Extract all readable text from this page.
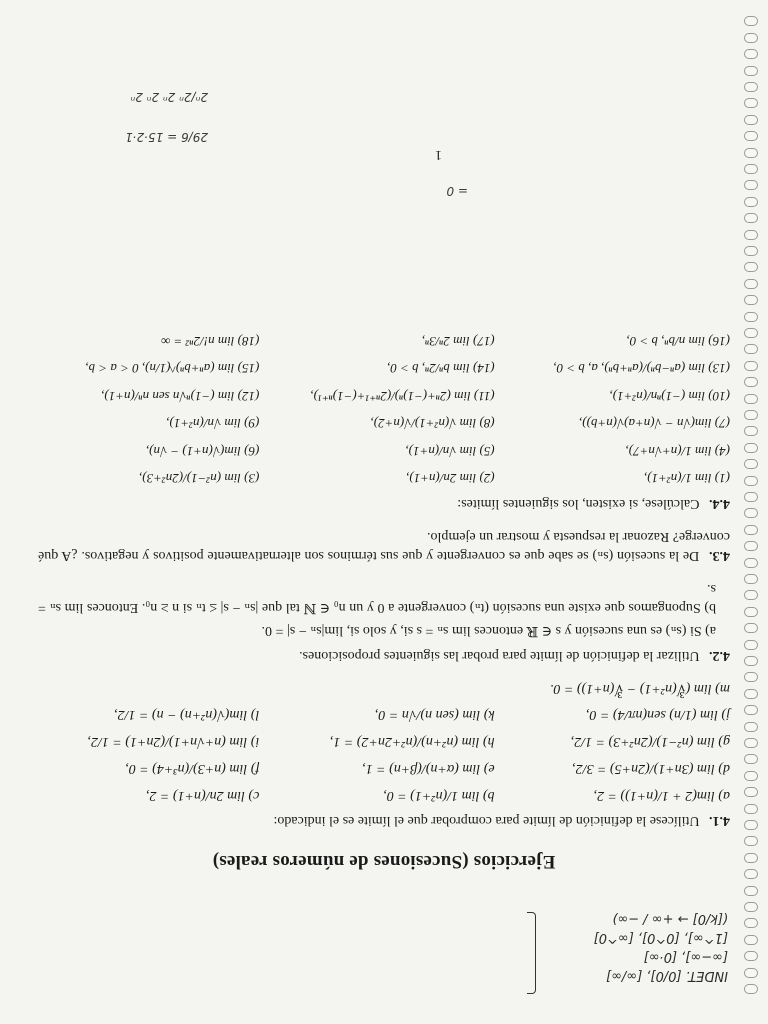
INDET. [0/0], [∞/∞]
[∞−∞], [0·∞]
[1^∞], [0^0], [∞^0]
([k/0] → +∞ / −∞)
Ejercicios (Sucesiones de números reales)

4.1. Utilícese la definición de límite para comprobar que el límite es el indicado:

a) lim(2 + 1/(n+1)) = 2,
b) lim 1/(n²+1) = 0,
c) lim 2n/(n+1) = 2,
d) lim (3n+1)/(2n+5) = 3/2,
e) lim (α+n)/(β+n) = 1,
f) lim (n+3)/(n³+4) = 0,
g) lim (n²−1)/(2n²+3) = 1/2,
h) lim (n²+n)/(n²+2n+2) = 1,
i) lim (n+√n+1)/(2n+1) = 1/2,
j) lim (1/n) sen(nπ/4) = 0,
k) lim (sen n)/√n = 0,
l) lim(√(n²+n) − n) = 1/2,
m) lim (∛(n²+1) − ∛(n+1)) = 0.

4.2. Utilizar la definición de límite para probar las siguientes proposiciones.

a) Si (sₙ) es una sucesión y s ∈ ℝ entonces lim sₙ = s si, y solo si, lim|sₙ − s| = 0.

b) Supongamos que existe una sucesión (tₙ) convergente a 0 y un n₀ ∈ ℕ tal que |sₙ − s| ≤ tₙ si n ≥ n₀. Entonces lim sₙ = s.

4.3. De la sucesión (sₙ) se sabe que es convergente y que sus términos son alternativamente positivos y negativos. ¿A qué converge? Razonar la respuesta y mostrar un ejemplo.

4.4. Calcúlese, si existen, los siguientes límites:

(1) lim 1/(n²+1),
(2) lim 2n/(n+1),
(3) lim (n²−1)/(2n²+3),
(4) lim 1/(n+√n+7),
(5) lim √n/(n+1),
(6) lim(√(n+1) − √n),
(7) lim(√n − √(n+a)√(n+b)),
(8) lim √(n²+1)/√(n+2),
(9) lim √n/(n²+1),
(10) lim (−1)ⁿn/(n²+1),
(11) lim (2ⁿ+(−1)ⁿ)/(2ⁿ⁺¹+(−1)ⁿ⁺¹),
(12) lim (−1)ⁿ√n sen nⁿ/(n+1),
(13) lim (aⁿ−bⁿ)/(aⁿ+bⁿ), a, b > 0,
(14) lim bⁿ/2ⁿ, b > 0,
(15) lim (aⁿ+bⁿ)^(1/n), 0 < a < b,
(16) lim n/bⁿ, b > 0,
(17) lim 2ⁿ/3ⁿ,
(18) lim n!/2ⁿ² = ∞
1
29/6 = 15·2·1
2ⁿ/2ⁿ 2ⁿ 2ⁿ 2ⁿ
= 0
